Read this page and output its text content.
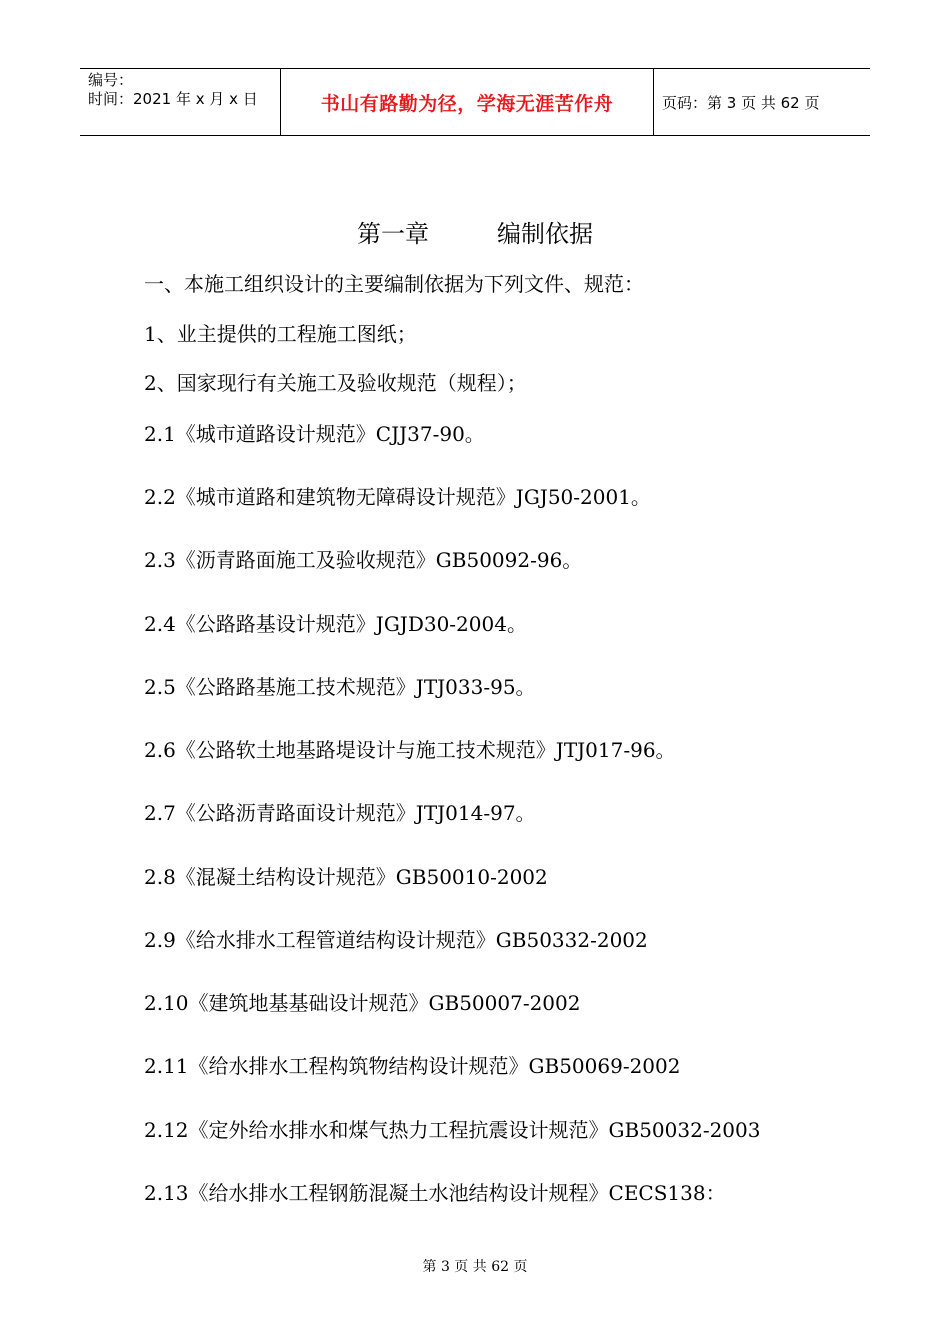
编号：
时间：2021 年 x 月 x 日	书山有路勤为径，学海无涯苦作舟	页码：第 3 页 共 62 页
第一章	编制依据
一、本施工组织设计的主要编制依据为下列文件、规范：
1、业主提供的工程施工图纸；
2、国家现行有关施工及验收规范（规程）；
2.1《城市道路设计规范》CJJ37-90。
2.2《城市道路和建筑物无障碍设计规范》JGJ50-2001。
2.3《沥青路面施工及验收规范》GB50092-96。
2.4《公路路基设计规范》JGJD30-2004。
2.5《公路路基施工技术规范》JTJ033-95。
2.6《公路软土地基路堤设计与施工技术规范》JTJ017-96。
2.7《公路沥青路面设计规范》JTJ014-97。
2.8《混凝土结构设计规范》GB50010-2002
2.9《给水排水工程管道结构设计规范》GB50332-2002
2.10《建筑地基基础设计规范》GB50007-2002
2.11《给水排水工程构筑物结构设计规范》GB50069-2002
2.12《定外给水排水和煤气热力工程抗震设计规范》GB50032-2003
2.13《给水排水工程钢筋混凝土水池结构设计规程》CECS138：
第 3 页 共 62 页
